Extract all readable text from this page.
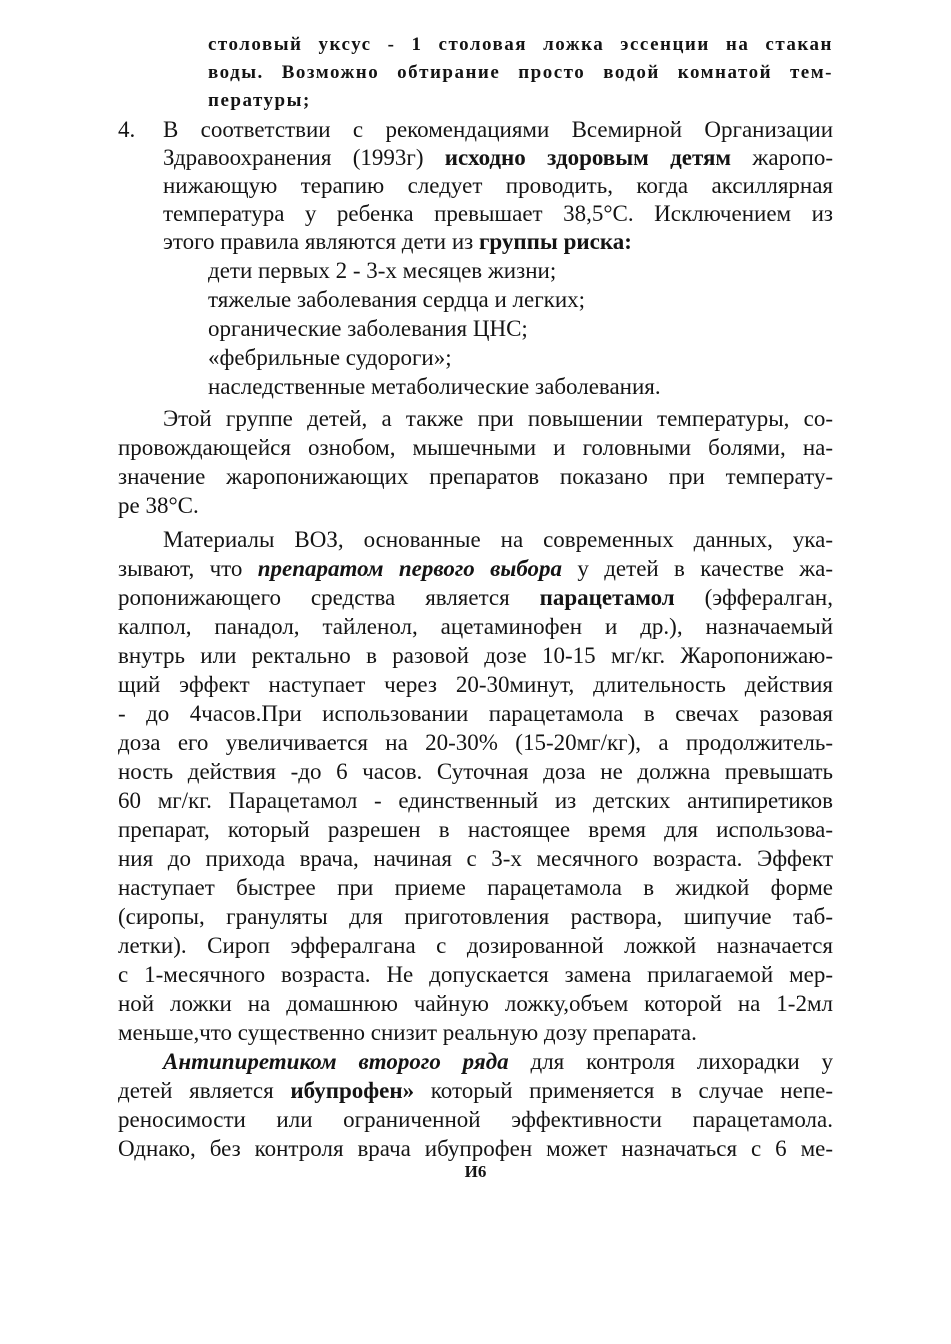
столовый уксус - 1 столовая ложка эссенции на стакан
воды. Возможно обтирание просто водой комнатой тем-
пературы;
4. В соответствии с рекомендациями Всемирной Организации
Здравоохранения (1993г) исходно здоровым детям жаропо-
нижающую терапию следует проводить, когда аксиллярная
температура у ребенка превышает 38,5°С. Исключением из
этого правила являются дети из группы риска:
дети первых 2 - 3-х месяцев жизни;
тяжелые заболевания сердца и легких;
органические заболевания ЦНС;
«фебрильные судороги»;
наследственные метаболические заболевания.
Этой группе детей, а также при повышении температуры, со-
провождающейся ознобом, мышечными и головными болями, на-
значение жаропонижающих препаратов показано при температу-
ре 38°С.
Материалы ВОЗ, основанные на современных данных, ука-
зывают, что препаратом первого выбора у детей в качестве жа-
ропонижающего средства является парацетамол (эффералган,
калпол, панадол, тайленол, ацетаминофен и др.), назначаемый
внутрь или ректально в разовой дозе 10-15 мг/кг. Жаропонижаю-
щий эффект наступает через 20-30минут, длительность действия
- до 4часов.При использовании парацетамола в свечах разовая
доза его увеличивается на 20-30% (15-20мг/кг), а продолжитель-
ность действия -до 6 часов. Суточная доза не должна превышать
60 мг/кг. Парацетамол - единственный из детских антипиретиков
препарат, который разрешен в настоящее время для использова-
ния до прихода врача, начиная с 3-х месячного возраста. Эффект
наступает быстрее при приеме парацетамола в жидкой форме
(сиропы, грануляты для приготовления раствора, шипучие таб-
летки). Сироп эффералгана с дозированной ложкой назначается
с 1-месячного возраста. Не допускается замена прилагаемой мер-
ной ложки на домашнюю чайную ложку,объем которой на 1-2мл
меньше,что существенно снизит реальную дозу препарата.
Антипиретиком второго ряда для контроля лихорадки у
детей является ибупрофен» который применяется в случае непе-
реносимости или ограниченной эффективности парацетамола.
Однако, без контроля врача ибупрофен может назначаться с 6 ме-
И6
